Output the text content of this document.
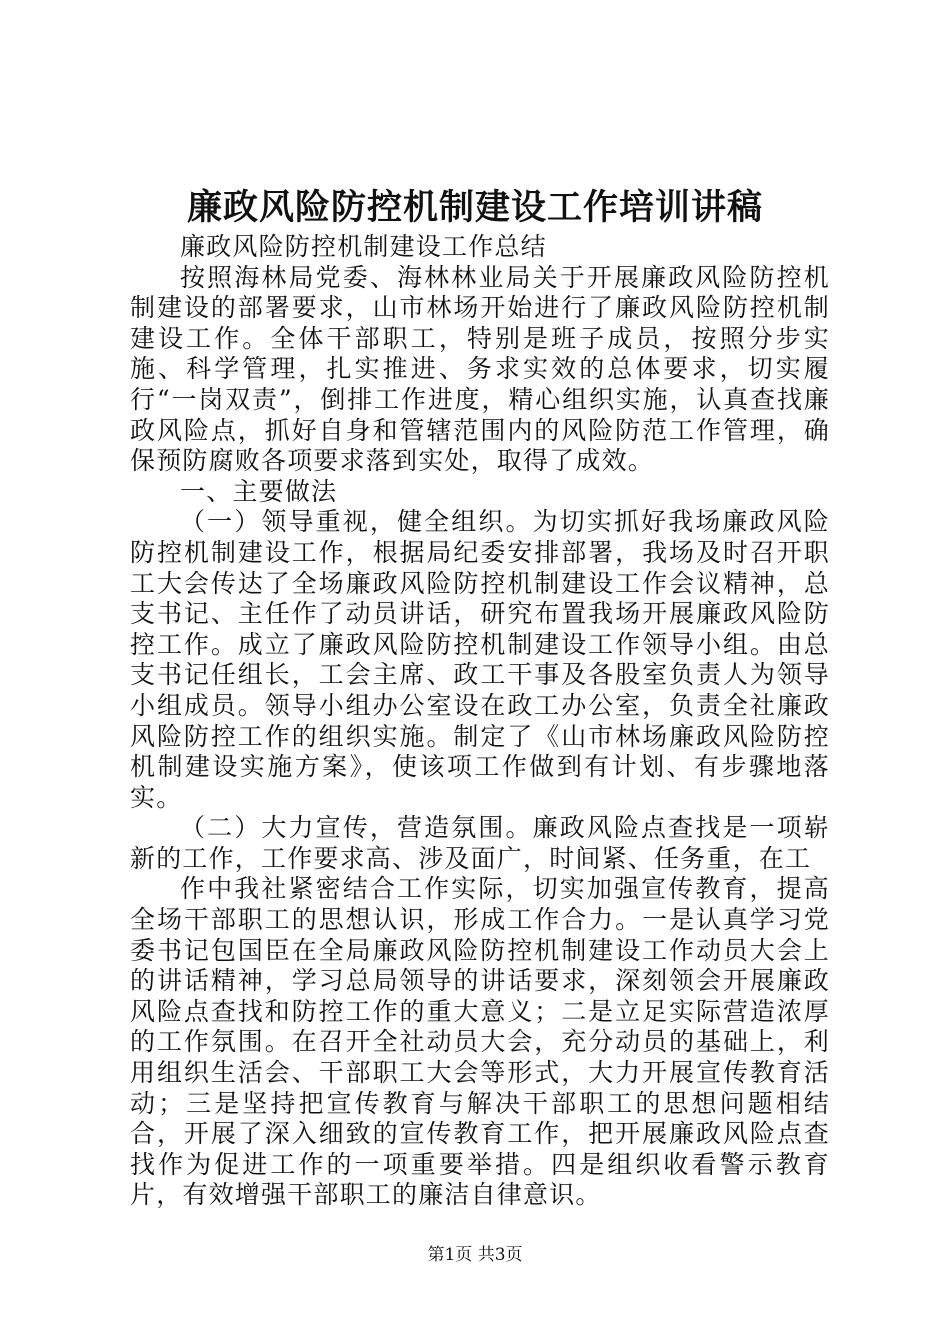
廉政风险防控机制建设工作培训讲稿

廉政风险防控机制建设工作总结

按照海林局党委、海林林业局关于开展廉政风险防控机制建设的部署要求，山市林场开始进行了廉政风险防控机制建设工作。全体干部职工，特别是班子成员，按照分步实施、科学管理，扎实推进、务求实效的总体要求，切实履行“一岗双责”，倒排工作进度，精心组织实施，认真查找廉政风险点，抓好自身和管辖范围内的风险防范工作管理，确保预防腐败各项要求落到实处，取得了成效。

一、主要做法

（一）领导重视，健全组织。为切实抓好我场廉政风险防控机制建设工作，根据局纪委安排部署，我场及时召开职工大会传达了全场廉政风险防控机制建设工作会议精神，总支书记、主任作了动员讲话，研究布置我场开展廉政风险防控工作。成立了廉政风险防控机制建设工作领导小组。由总支书记任组长，工会主席、政工干事及各股室负责人为领导小组成员。领导小组办公室设在政工办公室，负责全社廉政风险防控工作的组织实施。制定了《山市林场廉政风险防控机制建设实施方案》，使该项工作做到有计划、有步骤地落实。

（二）大力宣传，营造氛围。廉政风险点查找是一项崭新的工作，工作要求高、涉及面广，时间紧、任务重，在工

作中我社紧密结合工作实际，切实加强宣传教育，提高全场干部职工的思想认识，形成工作合力。一是认真学习党委书记包国臣在全局廉政风险防控机制建设工作动员大会上的讲话精神，学习总局领导的讲话要求，深刻领会开展廉政风险点查找和防控工作的重大意义；二是立足实际营造浓厚的工作氛围。在召开全社动员大会，充分动员的基础上，利用组织生活会、干部职工大会等形式，大力开展宣传教育活动；三是坚持把宣传教育与解决干部职工的思想问题相结合，开展了深入细致的宣传教育工作，把开展廉政风险点查找作为促进工作的一项重要举措。四是组织收看警示教育片，有效增强干部职工的廉洁自律意识。

第1页 共3页
